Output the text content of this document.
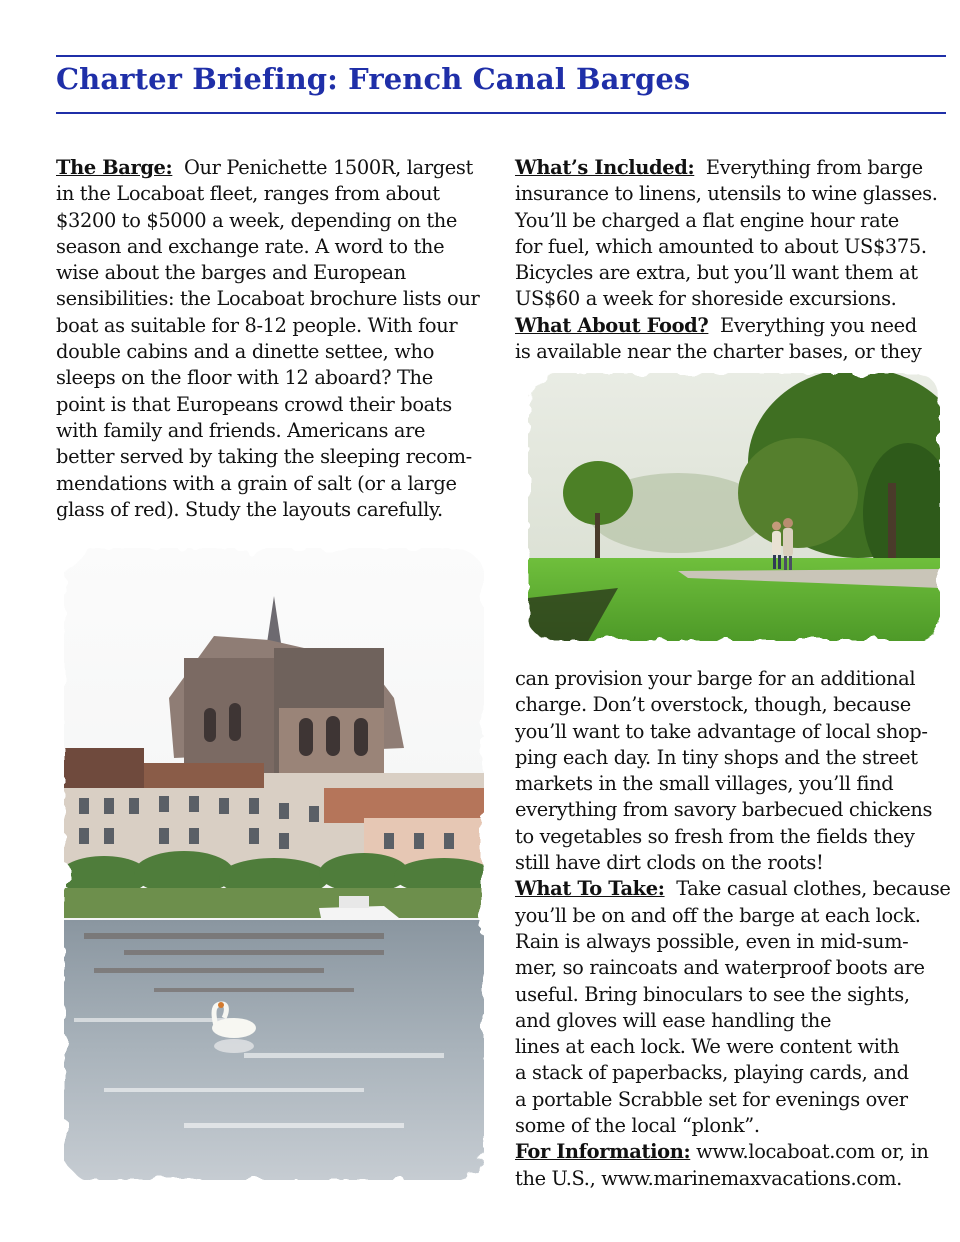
Charter Briefing: French Canal Barges
The Barge: Our Penichette 1500R, largest
in the Locaboat fleet, ranges from about
$3200 to $5000 a week, depending on the
season and exchange rate. A word to the
wise about the barges and European
sensibilities: the Locaboat brochure lists our
boat as suitable for 8-12 people. With four
double cabins and a dinette settee, who
sleeps on the floor with 12 aboard? The
point is that Europeans crowd their boats
with family and friends. Americans are
better served by taking the sleeping recom-
mendations with a grain of salt (or a large
glass of red). Study the layouts carefully.
What’s Included: Everything from barge
insurance to linens, utensils to wine glasses.
You’ll be charged a flat engine hour rate
for fuel, which amounted to about US$375.
Bicycles are extra, but you’ll want them at
US$60 a week for shoreside excursions.
What About Food? Everything you need
is available near the charter bases, or they
can provision your barge for an additional
charge. Don’t overstock, though, because
you’ll want to take advantage of local shop-
ping each day. In tiny shops and the street
markets in the small villages, you’ll find
everything from savory barbecued chickens
to vegetables so fresh from the fields they
still have dirt clods on the roots!
What To Take: Take casual clothes, because
you’ll be on and off the barge at each lock.
Rain is always possible, even in mid-sum-
mer, so raincoats and waterproof boots are
useful. Bring binoculars to see the sights,
and gloves will ease handling the
lines at each lock. We were content with
a stack of paperbacks, playing cards, and
a portable Scrabble set for evenings over
some of the local “plonk”.
For Information: www.locaboat.com or, in
the U.S., www.marinemaxvacations.com.
